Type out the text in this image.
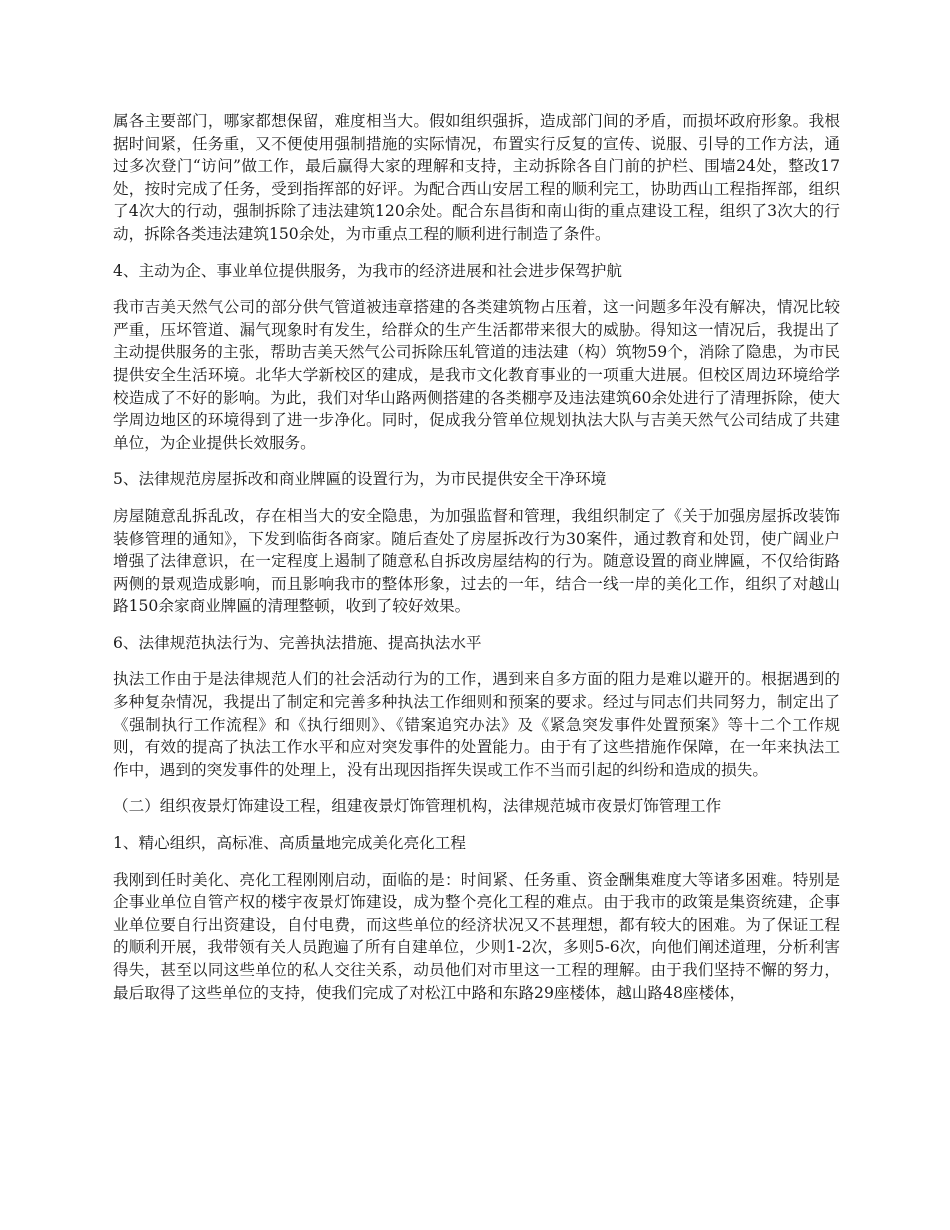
属各主要部门，哪家都想保留，难度相当大。假如组织强拆，造成部门间的矛盾，而损坏政府形象。我根据时间紧，任务重，又不便使用强制措施的实际情况，布置实行反复的宣传、说服、引导的工作方法，通过多次登门“访问”做工作，最后赢得大家的理解和支持，主动拆除各自门前的护栏、围墙24处，整改17处，按时完成了任务，受到指挥部的好评。为配合西山安居工程的顺利完工，协助西山工程指挥部，组织了4次大的行动，强制拆除了违法建筑120余处。配合东昌街和南山街的重点建设工程，组织了3次大的行动，拆除各类违法建筑150余处，为市重点工程的顺利进行制造了条件。

4、主动为企、事业单位提供服务，为我市的经济进展和社会进步保驾护航

我市吉美天然气公司的部分供气管道被违章搭建的各类建筑物占压着，这一问题多年没有解决，情况比较严重，压坏管道、漏气现象时有发生，给群众的生产生活都带来很大的威胁。得知这一情况后，我提出了主动提供服务的主张，帮助吉美天然气公司拆除压轧管道的违法建（构）筑物59个，消除了隐患，为市民提供安全生活环境。北华大学新校区的建成，是我市文化教育事业的一项重大进展。但校区周边环境给学校造成了不好的影响。为此，我们对华山路两侧搭建的各类棚亭及违法建筑60余处进行了清理拆除，使大学周边地区的环境得到了进一步净化。同时，促成我分管单位规划执法大队与吉美天然气公司结成了共建单位，为企业提供长效服务。

5、法律规范房屋拆改和商业牌匾的设置行为，为市民提供安全干净环境

房屋随意乱拆乱改，存在相当大的安全隐患，为加强监督和管理，我组织制定了《关于加强房屋拆改装饰装修管理的通知》，下发到临街各商家。随后查处了房屋拆改行为30案件，通过教育和处罚，使广阔业户增强了法律意识，在一定程度上遏制了随意私自拆改房屋结构的行为。随意设置的商业牌匾，不仅给街路两侧的景观造成影响，而且影响我市的整体形象，过去的一年，结合一线一岸的美化工作，组织了对越山路150余家商业牌匾的清理整顿，收到了较好效果。

6、法律规范执法行为、完善执法措施、提高执法水平

执法工作由于是法律规范人们的社会活动行为的工作，遇到来自多方面的阻力是难以避开的。根据遇到的多种复杂情况，我提出了制定和完善多种执法工作细则和预案的要求。经过与同志们共同努力，制定出了《强制执行工作流程》和《执行细则》、《错案追究办法》及《紧急突发事件处置预案》等十二个工作规则，有效的提高了执法工作水平和应对突发事件的处置能力。由于有了这些措施作保障，在一年来执法工作中，遇到的突发事件的处理上，没有出现因指挥失误或工作不当而引起的纠纷和造成的损失。

（二）组织夜景灯饰建设工程，组建夜景灯饰管理机构，法律规范城市夜景灯饰管理工作

1、精心组织，高标准、高质量地完成美化亮化工程

我刚到任时美化、亮化工程刚刚启动，面临的是：时间紧、任务重、资金酬集难度大等诸多困难。特别是企事业单位自管产权的楼宇夜景灯饰建设，成为整个亮化工程的难点。由于我市的政策是集资统建，企事业单位要自行出资建设，自付电费，而这些单位的经济状况又不甚理想，都有较大的困难。为了保证工程的顺利开展，我带领有关人员跑遍了所有自建单位，少则1-2次，多则5-6次，向他们阐述道理，分析利害得失，甚至以同这些单位的私人交往关系，动员他们对市里这一工程的理解。由于我们坚持不懈的努力，最后取得了这些单位的支持，使我们完成了对松江中路和东路29座楼体，越山路48座楼体，
